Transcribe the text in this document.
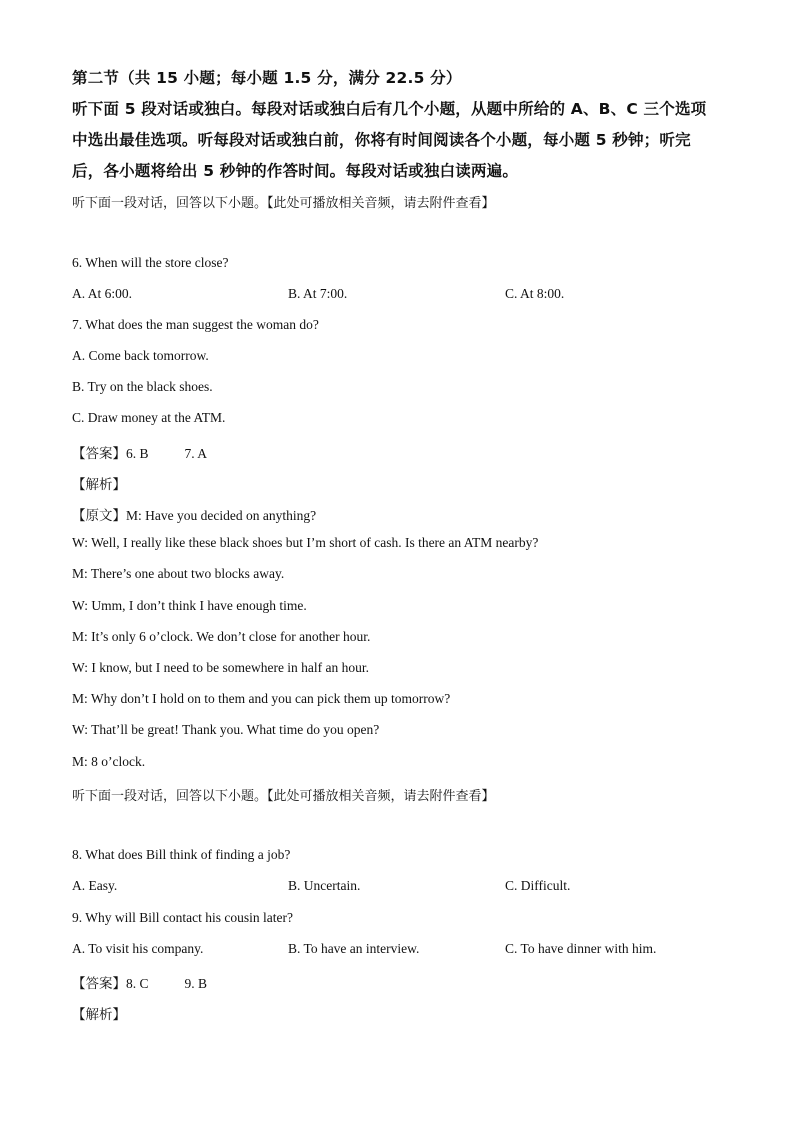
第二节（共 15 小题；每小题 1.5 分，满分 22.5 分）
听下面 5 段对话或独白。每段对话或独白后有几个小题，从题中所给的 A、B、C 三个选项
中选出最佳选项。听每段对话或独白前，你将有时间阅读各个小题，每小题 5 秒钟；听完
后，各小题将给出 5 秒钟的作答时间。每段对话或独白读两遍。
听下面一段对话，回答以下小题。【此处可播放相关音频，请去附件查看】
6. When will the store close?
A. At 6:00.	B. At 7:00.	C. At 8:00.
7. What does the man suggest the woman do?
A. Come back tomorrow.
B. Try on the black shoes.
C. Draw money at the ATM.
【答案】6. B	7. A
【解析】
【原文】M: Have you decided on anything?
W: Well, I really like these black shoes but I’m short of cash. Is there an ATM nearby?
M: There’s one about two blocks away.
W: Umm, I don’t think I have enough time.
M: It’s only 6 o’clock. We don’t close for another hour.
W: I know, but I need to be somewhere in half an hour.
M: Why don’t I hold on to them and you can pick them up tomorrow?
W: That’ll be great! Thank you. What time do you open?
M: 8 o’clock.
听下面一段对话，回答以下小题。【此处可播放相关音频，请去附件查看】
8. What does Bill think of finding a job?
A. Easy.	B. Uncertain.	C. Difficult.
9. Why will Bill contact his cousin later?
A. To visit his company.	B. To have an interview.	C. To have dinner with him.
【答案】8. C	9. B
【解析】
